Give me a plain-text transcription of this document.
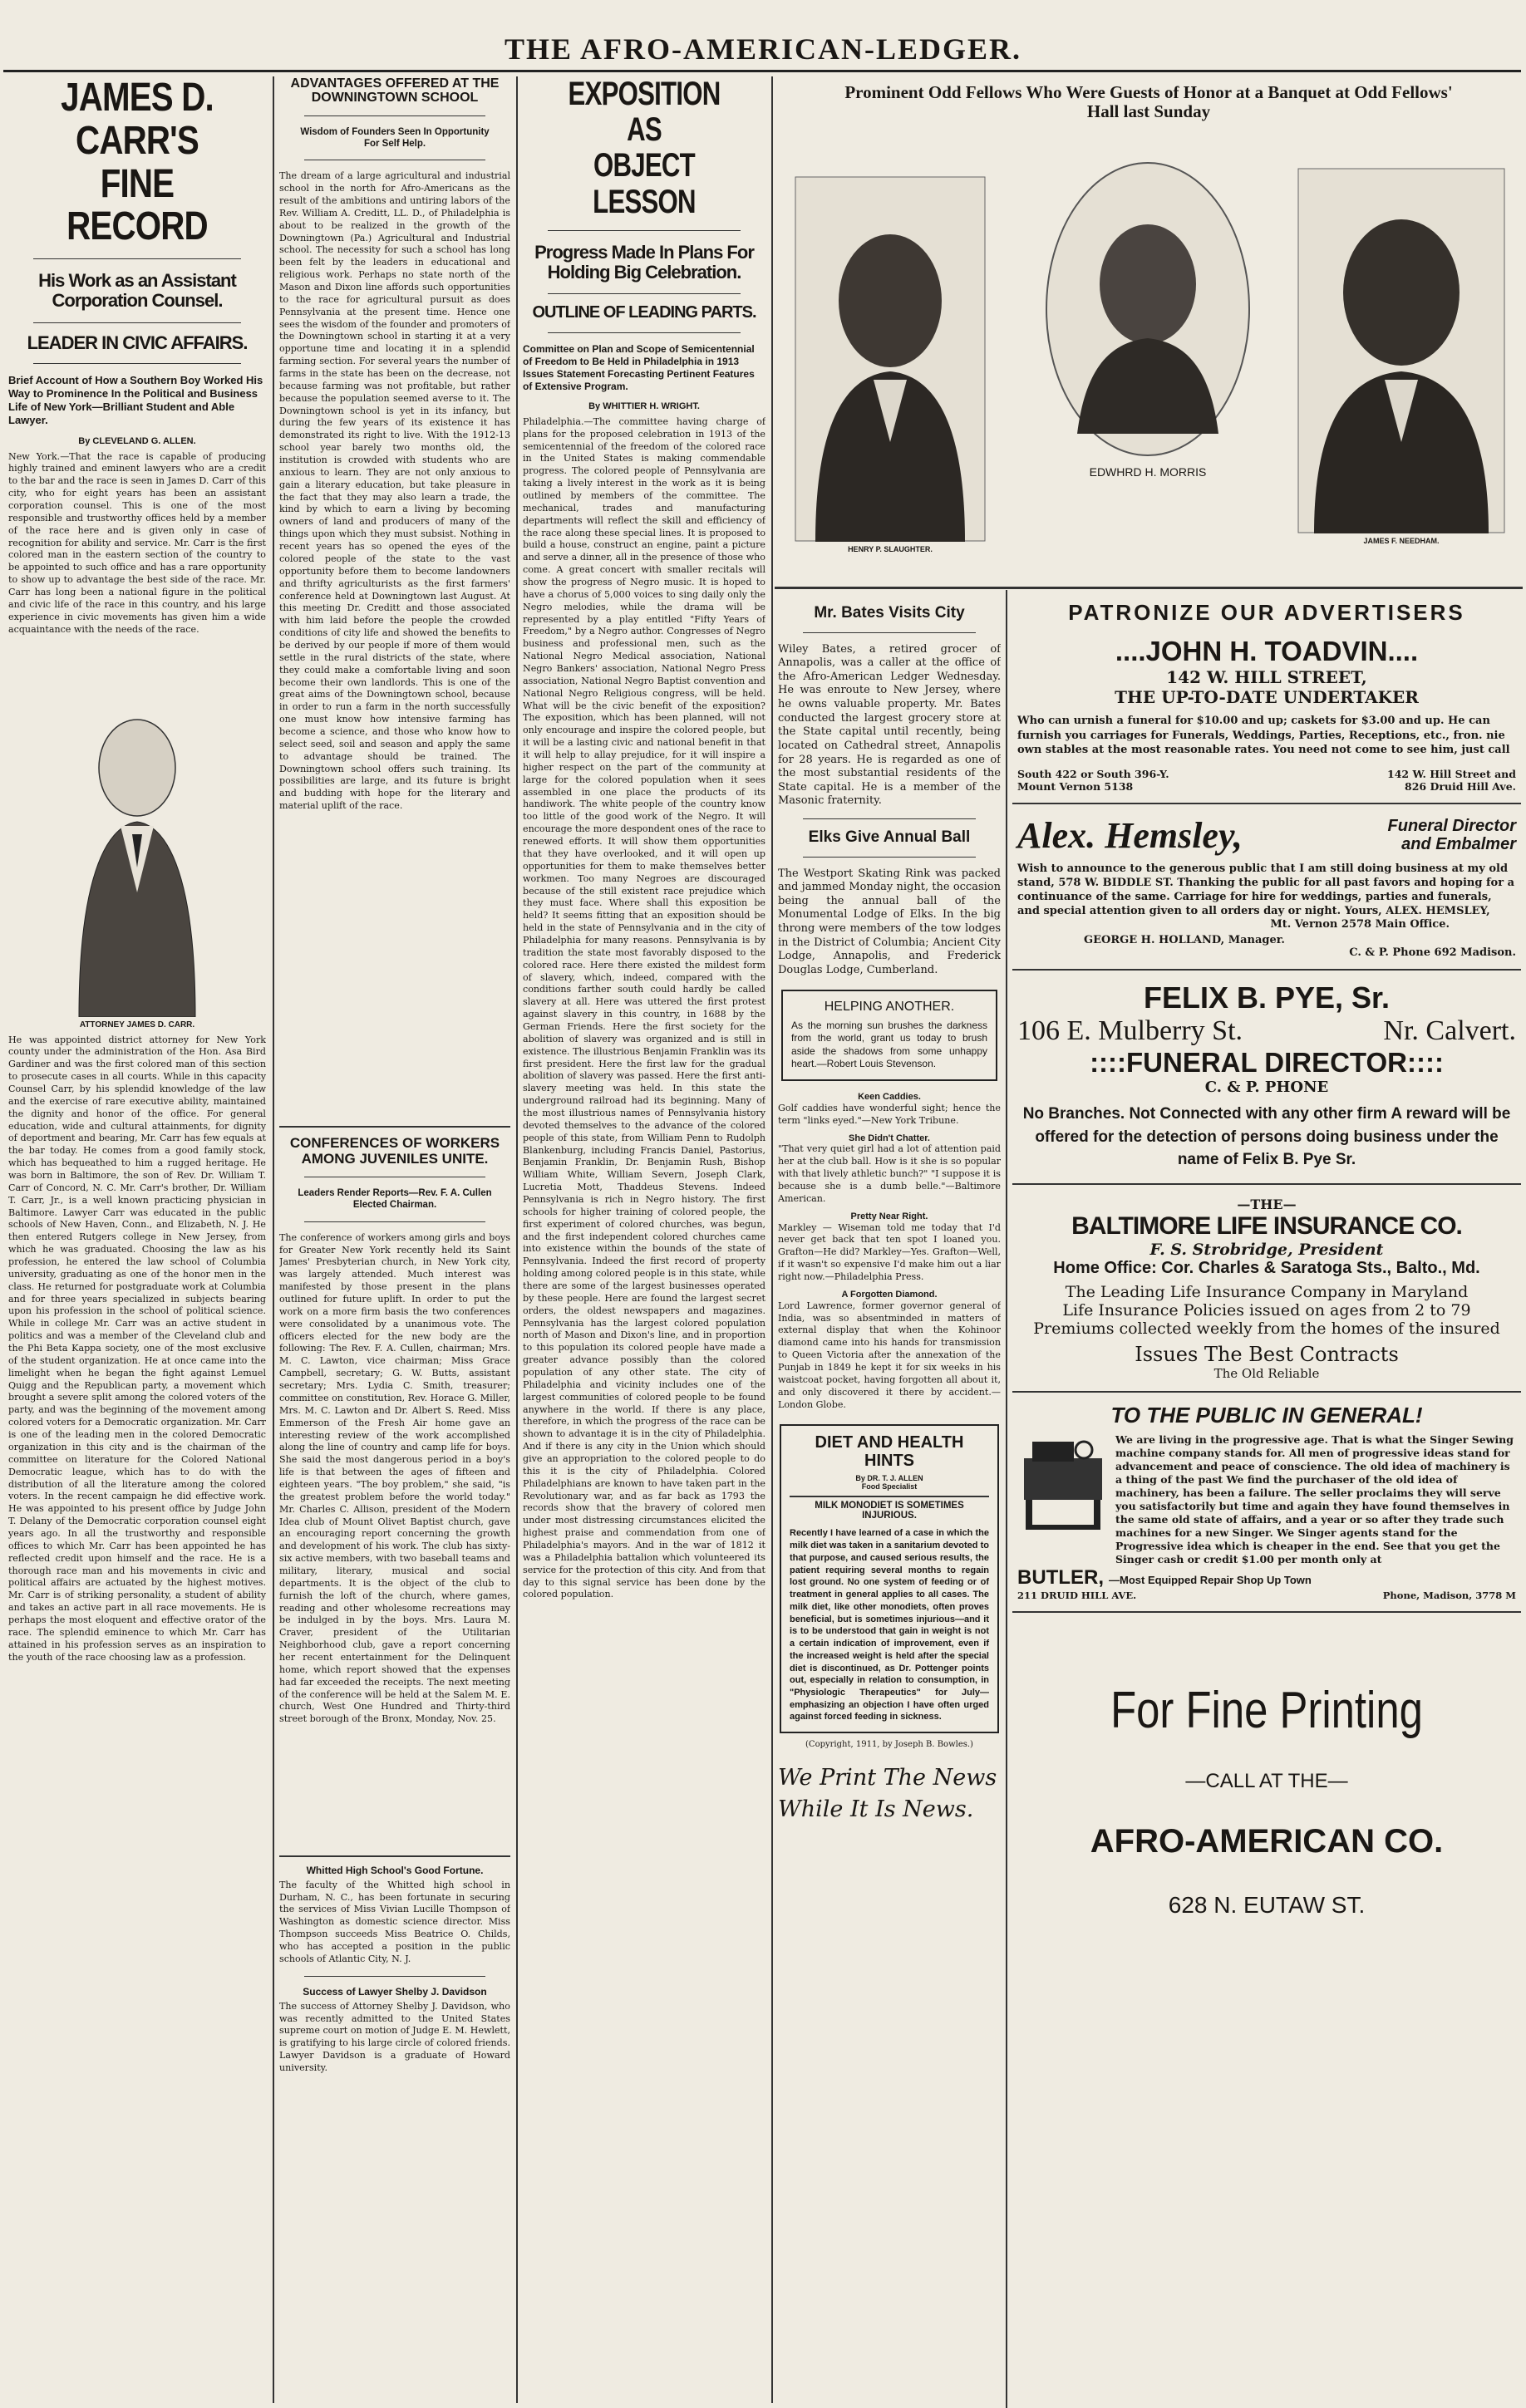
THE AFRO-AMERICAN-LEDGER.
JAMES D. CARR'S
FINE RECORD
His Work as an Assistant Corporation Counsel.
LEADER IN CIVIC AFFAIRS.
Brief Account of How a Southern Boy Worked His Way to Prominence In the Political and Business Life of New York—Brilliant Student and Able Lawyer.
By CLEVELAND G. ALLEN.
New York.—That the race is capable of producing highly trained and eminent lawyers who are a credit to the bar and the race is seen in James D. Carr of this city, who for eight years has been an assistant corporation counsel. This is one of the most responsible and trustworthy offices held by a member of the race here and is given only in case of recognition for ability and service. Mr. Carr is the first colored man in the eastern section of the country to be appointed to such office and has a rare opportunity to show up to advantage the best side of the race. Mr. Carr has long been a national figure in the political and civic life of the race in this country, and his large experience in civic movements has given him a wide acquaintance with the needs of the race.
ATTORNEY JAMES D. CARR.
He was appointed district attorney for New York county under the administration of the Hon. Asa Bird Gardiner and was the first colored man of this section to prosecute cases in all courts. While in this capacity Counsel Carr, by his splendid knowledge of the law and the exercise of rare executive ability, maintained the dignity and honor of the office. For general education, wide and cultural attainments, for dignity of deportment and bearing, Mr. Carr has few equals at the bar today. He comes from a good family stock, which has bequeathed to him a rugged heritage. He was born in Baltimore, the son of Rev. Dr. William T. Carr of Concord, N. C. Mr. Carr's brother, Dr. William T. Carr, Jr., is a well known practicing physician in Baltimore. Lawyer Carr was educated in the public schools of New Haven, Conn., and Elizabeth, N. J. He then entered Rutgers college in New Jersey, from which he was graduated. Choosing the law as his profession, he entered the law school of Columbia university, graduating as one of the honor men in the class. He returned for postgraduate work at Columbia and for three years specialized in subjects bearing upon his profession in the school of political science. While in college Mr. Carr was an active student in politics and was a member of the Cleveland club and the Phi Beta Kappa society, one of the most exclusive of the student organization. He at once came into the limelight when he began the fight against Lemuel Quigg and the Republican party, a movement which brought a severe split among the colored voters of the party, and was the beginning of the movement among colored voters for a Democratic organization. Mr. Carr is one of the leading men in the colored Democratic organization in this city and is the chairman of the committee on literature for the Colored National Democratic league, which has to do with the distribution of all the literature among the colored voters. In the recent campaign he did effective work. He was appointed to his present office by Judge John T. Delany of the Democratic corporation counsel eight years ago. In all the trustworthy and responsible offices to which Mr. Carr has been appointed he has reflected credit upon himself and the race. He is a thorough race man and his movements in civic and political affairs are actuated by the highest motives. Mr. Carr is of striking personality, a student of ability and takes an active part in all race movements. He is perhaps the most eloquent and effective orator of the race. The splendid eminence to which Mr. Carr has attained in his profession serves as an inspiration to the youth of the race choosing law as a profession.
ADVANTAGES OFFERED AT THE DOWNINGTOWN SCHOOL
Wisdom of Founders Seen In Opportunity For Self Help.
The dream of a large agricultural and industrial school in the north for Afro-Americans as the result of the ambitions and untiring labors of the Rev. William A. Creditt, LL. D., of Philadelphia is about to be realized in the growth of the Downingtown (Pa.) Agricultural and Industrial school. The necessity for such a school has long been felt by the leaders in educational and religious work. Perhaps no state north of the Mason and Dixon line affords such opportunities to the race for agricultural pursuit as does Pennsylvania at the present time. Hence one sees the wisdom of the founder and promoters of the Downingtown school in starting it at a very opportune time and locating it in a splendid farming section. For several years the number of farms in the state has been on the decrease, not because farming was not profitable, but rather because the population seemed averse to it. The Downingtown school is yet in its infancy, but during the few years of its existence it has demonstrated its right to live. With the 1912-13 school year barely two months old, the institution is crowded with students who are anxious to learn. They are not only anxious to gain a literary education, but take pleasure in the fact that they may also learn a trade, the kind by which to earn a living by becoming owners of land and producers of many of the things upon which they must subsist. Nothing in recent years has so opened the eyes of the colored people of the state to the vast opportunity before them to become landowners and thrifty agriculturists as the first farmers' conference held at Downingtown last August. At this meeting Dr. Creditt and those associated with him laid before the people the crowded conditions of city life and showed the benefits to be derived by our people if more of them would settle in the rural districts of the state, where they could make a comfortable living and soon become their own landlords. This is one of the great aims of the Downingtown school, because in order to run a farm in the north successfully one must know how intensive farming has become a science, and those who know how to select seed, soil and season and apply the same to advantage should be trained. The Downingtown school offers such training. Its possibilities are large, and its future is bright and budding with hope for the literary and material uplift of the race.
CONFERENCES OF WORKERS AMONG JUVENILES UNITE.
Leaders Render Reports—Rev. F. A. Cullen Elected Chairman.
The conference of workers among girls and boys for Greater New York recently held its Saint James' Presbyterian church, in New York city, was largely attended. Much interest was manifested by those present in the plans outlined for future uplift. In order to put the work on a more firm basis the two conferences were consolidated by a unanimous vote. The officers elected for the new body are the following: The Rev. F. A. Cullen, chairman; Mrs. M. C. Lawton, vice chairman; Miss Grace Campbell, secretary; G. W. Butts, assistant secretary; Mrs. Lydia C. Smith, treasurer; committee on constitution, Rev. Horace G. Miller, Mrs. M. C. Lawton and Dr. Albert S. Reed. Miss Emmerson of the Fresh Air home gave an interesting review of the work accomplished along the line of country and camp life for boys. She said the most dangerous period in a boy's life is that between the ages of fifteen and eighteen years. "The boy problem," she said, "is the greatest problem before the world today." Mr. Charles C. Allison, president of the Modern Idea club of Mount Olivet Baptist church, gave an encouraging report concerning the growth and development of his work. The club has sixty-six active members, with two baseball teams and military, literary, musical and social departments. It is the object of the club to furnish the loft of the church, where games, reading and other wholesome recreations may be indulged in by the boys. Mrs. Laura M. Craver, president of the Utilitarian Neighborhood club, gave a report concerning her recent entertainment for the Delinquent home, which report showed that the expenses had far exceeded the receipts. The next meeting of the conference will be held at the Salem M. E. church, West One Hundred and Thirty-third street borough of the Bronx, Monday, Nov. 25.
Whitted High School's Good Fortune.
The faculty of the Whitted high school in Durham, N. C., has been fortunate in securing the services of Miss Vivian Lucille Thompson of Washington as domestic science director. Miss Thompson succeeds Miss Beatrice O. Childs, who has accepted a position in the public schools of Atlantic City, N. J.
Success of Lawyer Shelby J. Davidson
The success of Attorney Shelby J. Davidson, who was recently admitted to the United States supreme court on motion of Judge E. M. Hewlett, is gratifying to his large circle of colored friends. Lawyer Davidson is a graduate of Howard university.
EXPOSITION AS
OBJECT LESSON
Progress Made In Plans For Holding Big Celebration.
OUTLINE OF LEADING PARTS.
Committee on Plan and Scope of Semicentennial of Freedom to Be Held in Philadelphia in 1913 Issues Statement Forecasting Pertinent Features of Extensive Program.
By WHITTIER H. WRIGHT.
Philadelphia.—The committee having charge of plans for the proposed celebration in 1913 of the semicentennial of the freedom of the colored race in the United States is making commendable progress. The colored people of Pennsylvania are taking a lively interest in the work as it is being outlined by members of the committee. The mechanical, trades and manufacturing departments will reflect the skill and efficiency of the race along these special lines. It is proposed to build a house, construct an engine, paint a picture and serve a dinner, all in the presence of those who come. A great concert with smaller recitals will show the progress of Negro music. It is hoped to have a chorus of 5,000 voices to sing daily only the Negro melodies, while the drama will be represented by a play entitled "Fifty Years of Freedom," by a Negro author. Congresses of Negro business and professional men, such as the National Negro Medical association, National Negro Bankers' association, National Negro Press association, National Negro Baptist convention and National Negro Religious congress, will be held. What will be the civic benefit of the exposition? The exposition, which has been planned, will not only encourage and inspire the colored people, but it will be a lasting civic and national benefit in that it will help to allay prejudice, for it will inspire a higher respect on the part of the community at large for the colored population when it sees assembled in one place the products of its handiwork. The white people of the country know too little of the good work of the Negro. It will encourage the more despondent ones of the race to renewed efforts. It will show them opportunities that they have overlooked, and it will open up opportunities for them to make themselves better workmen. Too many Negroes are discouraged because of the still existent race prejudice which they must face. Where shall this exposition be held? It seems fitting that an exposition should be held in the state of Pennsylvania and in the city of Philadelphia for many reasons. Pennsylvania is by tradition the state most favorably disposed to the colored race. Here there existed the mildest form of slavery, which, indeed, compared with the conditions farther south could hardly be called slavery at all. Here was uttered the first protest against slavery in this country, in 1688 by the German Friends. Here the first society for the abolition of slavery was organized and is still in existence. The illustrious Benjamin Franklin was its first president. Here the first law for the gradual abolition of slavery was passed. Here the first anti-slavery meeting was held. In this state the underground railroad had its beginning. Many of the most illustrious names of Pennsylvania history devoted themselves to the advance of the colored people of this state, from William Penn to Rudolph Blankenburg, including Francis Daniel, Pastorius, Benjamin Franklin, Dr. Benjamin Rush, Bishop William White, William Severn, Joseph Clark, Lucretia Mott, Thaddeus Stevens. Indeed Pennsylvania is rich in Negro history. The first schools for higher training of colored people, the first experiment of colored churches, was begun, and the first independent colored churches came into existence within the bounds of the state of Pennsylvania. Indeed the first record of property holding among colored people is in this state, while there are some of the largest businesses operated by these people. Here are found the largest secret orders, the oldest newspapers and magazines. Pennsylvania has the largest colored population north of Mason and Dixon's line, and in proportion to this population its colored people have made a greater advance possibly than the colored population of any other state. The city of Philadelphia and vicinity includes one of the largest communities of colored people to be found anywhere in the world. If there is any place, therefore, in which the progress of the race can be shown to advantage it is in the city of Philadelphia. And if there is any city in the Union which should give an appropriation to the colored people to do this it is the city of Philadelphia. Colored Philadelphians are known to have taken part in the Revolutionary war, and as far back as 1793 the records show that the bravery of colored men under most distressing circumstances elicited the highest praise and commendation from one of Philadelphia's mayors. And in the war of 1812 it was a Philadelphia battalion which volunteered its service for the protection of this city. And from that day to this signal service has been done by the colored population.
Prominent Odd Fellows Who Were Guests of Honor at a Banquet at Odd Fellows' Hall last Sunday
HENRY P. SLAUGHTER.
EDWHRD H. MORRIS
JAMES F. NEEDHAM.
Mr. Bates Visits City
Wiley Bates, a retired grocer of Annapolis, was a caller at the office of the Afro-American Ledger Wednesday. He was enroute to New Jersey, where he owns valuable property. Mr. Bates conducted the largest grocery store at the State capital until recently, being located on Cathedral street, Annapolis for 28 years. He is regarded as one of the most substantial residents of the State capital. He is a member of the Masonic fraternity.
Elks Give Annual Ball
The Westport Skating Rink was packed and jammed Monday night, the occasion being the annual ball of the Monumental Lodge of Elks. In the big throng were members of the tow lodges in the District of Columbia; Ancient City Lodge, Annapolis, and Frederick Douglas Lodge, Cumberland.
HELPING ANOTHER.
As the morning sun brushes the darkness from the world, grant us today to brush aside the shadows from some unhappy heart.—Robert Louis Stevenson.
Keen Caddies.
Golf caddies have wonderful sight; hence the term "links eyed."—New York Tribune.
She Didn't Chatter.
"That very quiet girl had a lot of attention paid her at the club ball. How is it she is so popular with that lively athletic bunch?" "I suppose it is because she is a dumb belle."—Baltimore American.
Pretty Near Right.
Markley — Wiseman told me today that I'd never get back that ten spot I loaned you. Grafton—He did? Markley—Yes. Grafton—Well, if it wasn't so expensive I'd make him out a liar right now.—Philadelphia Press.
A Forgotten Diamond.
Lord Lawrence, former governor general of India, was so absentminded in matters of external display that when the Kohinoor diamond came into his hands for transmission to Queen Victoria after the annexation of the Punjab in 1849 he kept it for six weeks in his waistcoat pocket, having forgotten all about it, and only discovered it there by accident.—London Globe.
DIET AND HEALTH HINTS
By DR. T. J. ALLEN
Food Specialist
MILK MONODIET IS SOMETIMES INJURIOUS.
Recently I have learned of a case in which the milk diet was taken in a sanitarium devoted to that purpose, and caused serious results, the patient requiring several months to regain lost ground. No one system of feeding or of treatment in general applies to all cases. The milk diet, like other monodiets, often proves beneficial, but is sometimes injurious—and it is to be understood that gain in weight is not a certain indication of improvement, even if the increased weight is held after the special diet is discontinued, as Dr. Pottenger points out, especially in relation to consumption, in "Physiologic Therapeutics" for July—emphasizing an objection I have often urged against forced feeding in sickness.
(Copyright, 1911, by Joseph B. Bowles.)
We Print The News
While It Is News.
PATRONIZE OUR ADVERTISERS
....JOHN H. TOADVIN....
142 W. HILL STREET,
THE UP-TO-DATE UNDERTAKER
Who can urnish a funeral for $10.00 and up; caskets for $3.00 and up. He can furnish you carriages for Funerals, Weddings, Parties, Receptions, etc., fron. nie own stables at the most reasonable rates. You need not come to see him, just call
South 422 or South 396-Y.
Mount Vernon 5138
142 W. Hill Street and
826 Druid Hill Ave.
Alex. Hemsley,	Funeral Director
and Embalmer
Wish to announce to the generous public that I am still doing business at my old stand, 578 W. BIDDLE ST. Thanking the public for all past favors and hoping for a continuance of the same. Carriage for hire for weddings, parties and funerals, and special attention given to all orders day or night. Yours, ALEX. HEMSLEY,
Mt. Vernon 2578 Main Office.
GEORGE H. HOLLAND, Manager.
C. & P. Phone 692 Madison.
FELIX B. PYE, Sr.
106 E. Mulberry St.	Nr. Calvert.
::::FUNERAL DIRECTOR::::
C. & P. PHONE
No Branches. Not Connected with any other firm A reward will be offered for the detection of persons doing business under the name of Felix B. Pye Sr.
—THE—
BALTIMORE LIFE INSURANCE CO.
F. S. Strobridge, President
Home Office: Cor. Charles & Saratoga Sts., Balto., Md.
The Leading Life Insurance Company in Maryland
Life Insurance Policies issued on ages from 2 to 79
Premiums collected weekly from the homes of the insured
Issues The Best Contracts
The Old Reliable
TO THE PUBLIC IN GENERAL!
We are living in the progressive age. That is what the Singer Sewing machine company stands for. All men of progressive ideas stand for advancement and peace of conscience. The old idea of machinery is a thing of the past We find the purchaser of the old idea of machinery, has been a failure. The seller proclaims they will serve you satisfactorily but time and again they have found themselves in the same old state of affairs, and a year or so after they trade such machines for a new Singer. We Singer agents stand for the Progressive idea which is cheaper in the end. See that you get the Singer cash or credit $1.00 per month only at
BUTLER, —Most Equipped Repair Shop Up Town
211 DRUID HILL AVE.	Phone, Madison, 3778 M
For Fine Printing
—CALL AT THE—
AFRO-AMERICAN CO.
628 N. EUTAW ST.
